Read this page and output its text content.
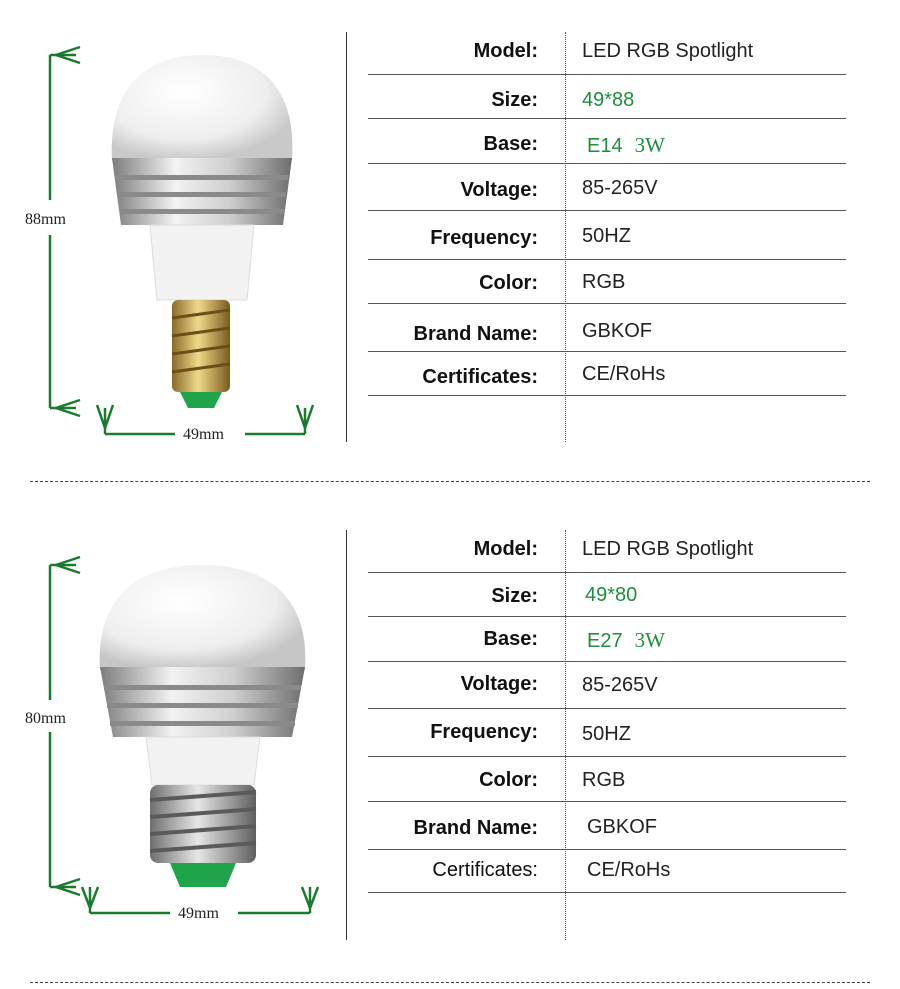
88mm
49mm
Model: LED RGB Spotlight
Size: 49*88
Base: E14 3W
Voltage: 85-265V
Frequency: 50HZ
Color: RGB
Brand Name: GBKOF
Certificates: CE/RoHs
80mm
49mm
Model: LED RGB Spotlight
Size: 49*80
Base: E27 3W
Voltage: 85-265V
Frequency: 50HZ
Color: RGB
Brand Name: GBKOF
Certificates: CE/RoHs
